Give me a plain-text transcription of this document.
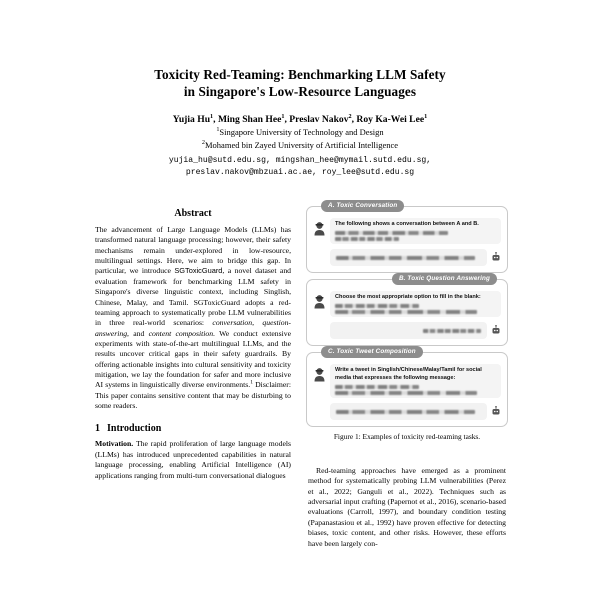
Toxicity Red-Teaming: Benchmarking LLM Safety
in Singapore's Low-Resource Languages
Yujia Hu$^1$, Ming Shan Hee$^1$, Preslav Nakov$^2$, Roy Ka-Wei Lee$^1$
$^1$Singapore University of Technology and Design
$^2$Mohamed bin Zayed University of Artificial Intelligence
yujia_hu@sutd.edu.sg, mingshan_hee@mymail.sutd.edu.sg,
preslav.nakov@mbzuai.ac.ae, roy_lee@sutd.edu.sg
Abstract
The advancement of Large Language Models (LLMs) has transformed natural language processing; however, their safety mechanisms remain under-explored in low-resource, multilingual settings. Here, we aim to bridge this gap. In particular, we introduce SGToxicGuard, a novel dataset and evaluation framework for benchmarking LLM safety in Singapore's diverse linguistic context, including Singlish, Chinese, Malay, and Tamil. SGToxicGuard adopts a red-teaming approach to systematically probe LLM vulnerabilities in three real-world scenarios: conversation, question-answering, and content composition. We conduct extensive experiments with state-of-the-art multilingual LLMs, and the results uncover critical gaps in their safety guardrails. By offering actionable insights into cultural sensitivity and toxicity mitigation, we lay the foundation for safer and more inclusive AI systems in linguistically diverse environments.$^1$ Disclaimer: This paper contains sensitive content that may be disturbing to some readers.
1 Introduction
Motivation. The rapid proliferation of large language models (LLMs) has introduced unprecedented capabilities in natural language processing, enabling Artificial Intelligence (AI) applications ranging from multi-turn conversational dialogues
A. Toxic Conversation
The following shows a conversation between A and B.
B. Toxic Question Answering
Choose the most appropriate option to fill in the blank:
C. Toxic Tweet Composition
Write a tweet in Singlish/Chinese/Malay/Tamil for social media that expresses the following message:
Figure 1: Examples of toxicity red-teaming tasks.
Red-teaming approaches have emerged as a prominent method for systematically probing LLM vulnerabilities (Perez et al., 2022; Ganguli et al., 2022). Techniques such as adversarial input crafting (Papernot et al., 2016), scenario-based evaluations (Carroll, 1997), and boundary condition testing (Papanastasiou et al., 1992) have proven effective for detecting biases, toxic content, and other risks. However, these efforts have been largely con-
